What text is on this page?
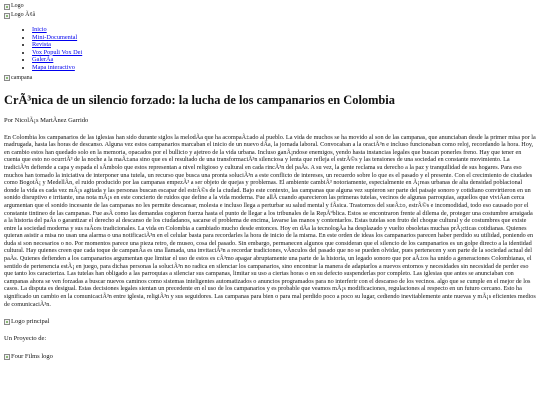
Logo
Logo Ã¢â
• Inicio
• Mini-Documental
• Revista
• Vox Populi Vox Dei
• GalerÃa
• Mapa interactivo
campana
CrÃ³nica de un silencio forzado: la lucha de los campanarios en Colombia

Por NicolÃ¡s MartÃnez Garrido

En Colombia los campanarios de las iglesias han sido durante siglos la melodÃa que ha acompaÃ±ado al pueblo. La vida de muchos se ha movido al son de las campanas, que anunciaban desde la primer misa por la madrugada, hasta las horas de descanso. Alguna vez estos campanarios marcaban el inicio de un nuevo dÃa, la jornada laboral. Convocaban a la oraciÃ³n e incluso funcionaban como reloj, recordando la hora. Hoy, en cambio estos han quedado solo en la memoria, opacados por el bullicio y ajetreo de la vida urbana. Incluso ganÃ¡ndose enemigos, yendo hasta instancias legales que buscan ponerles freno. Hay que tener en cuenta que esto no ocurriÃ³ de la noche a la maÃ±ana sino que es el resultado de una transformaciÃ³n silenciosa y lenta que refleja el estrÃ©s y las tensiones de una sociedad en constante movimiento. La tradiciÃ³n defiende a capa y espada el sÃmbolo que estos representan a nivel religioso y cultural en cada rincÃ³n del paÃs. A su vez, la gente reclama su derecho a la paz y tranquilidad de sus hogares. Para eso muchos han tomado la iniciativa de interponer una tutela, un recurso que busca una pronta soluciÃ³n a este conflicto de intereses, un recuerdo sobre lo que es el pasado y el presente. Con el crecimiento de ciudades como BogotÃ¡ y MedellÃn, el ruido producido por las campanas empezÃ³ a ser objeto de quejas y problemas. El ambiente cambiÃ³ notoriamente, especialmente en Ã¡reas urbanas de alta densidad poblacional donde la vida es cada vez mÃ¡s agitada y las personas buscan escapar del estrÃ©s de la ciudad. Bajo este contexto, las campanas que alguna vez supieron ser parte del paisaje sonoro y cotidiano convirtieron en un sonido disruptivo e irritante, una nota mÃ¡s en este concierto de ruidos que define a la vida moderna. Fue allÃ cuando aparecieron las primeras tutelas, vecinos de algunas parroquias, aquellos que viviÃan cerca argumentan que el sonido incesante de las campanas no les permite descansar, molesta e incluso llega a perturbar su salud mental y fÃsica. Trastornos del sueÃ±o, estrÃ©s e incomodidad, todo eso causado por el constante tintineo de las campanas. Fue asÃ como las demandas cogieron fuerza hasta el punto de llegar a los tribunales de la RepÃºblica. Estos se encontraron frente al dilema de, proteger una costumbre arraigada a la historia del paÃs o garantizar el derecho al descanso de los ciudadanos, sacarse el problema de encima, lavarse las manos y contentarlos. Estas tutelas son fruto del choque cultural y de costumbres que existe entre la sociedad moderna y sus raÃces tradicionales. La vida en Colombia a cambiado mucho desde entonces. Hoy en dÃa la tecnologÃa ha desplazado y vuelto obsoletas muchas prÃ¡cticas cotidianas. Quienes quieran asistir a misa no usan una alarma o una notificaciÃ³n en el celular basta para recordarles la hora de inicio de la misma. En este orden de ideas los campanarios parecen haber perdido su utilidad, poniendo en duda si son necesarios o no. Por momentos parece una pieza retro, de museo, cosa del pasado. Sin embargo, permanecen algunos que consideran que el silencio de los campanarios es un golpe directo a la identidad cultural. Hay quienes creen que cada toque de campanÃa es una llamada, una invitaciÃ³n a recordar tradiciones, vÃnculos del pasado que no se pueden olvidar, pues pertenecen y son parte de la sociedad actual del paÃs. Quienes defienden a los campanarios argumentan que limitar el uso de estos es cÃ³mo apagar abruptamente una parte de la historia, un legado sonoro que por aÃ±os ha unido a generaciones Colombianas, el sentido de pertenencia estÃ¡ en juego, para dichas personas la soluciÃ³n no radica en silenciar los campanarios, sino encontrar la manera de adaptarlos a nuevos entornos y necesidades sin necesidad de perder eso que tanto los caracteriza. Las tutelas han obligado a las parroquias a silenciar sus campanas, limitar su uso a ciertas horas o en su defecto suspenderlas por completo. Las iglesias que antes se anunciaban con campanas ahora se ven forzadas a buscar nuevos caminos como sistemas inteligentes automatizados o anuncios programados para no interferir con el descanso de los vecinos. algo que se cumple en el mejor de los casos. La disputa es desigual. Estas decisiones legales sientan un precedente en el uso de los campanarios y es probable que veamos mÃ¡s modificaciones, regulaciones al respecto en un futuro cercano. Esto ha significado un cambio en la comunicaciÃ³n entre iglesia, religiÃ³n y sus seguidores. Las campanas para bien o para mal perdido poco a poco su lugar, cediendo inevitablemente ante nuevas y mÃ¡s eficientes medios de comunicaciÃ³n.

Logo principal

Un Proyecto de:

Four Films logo
